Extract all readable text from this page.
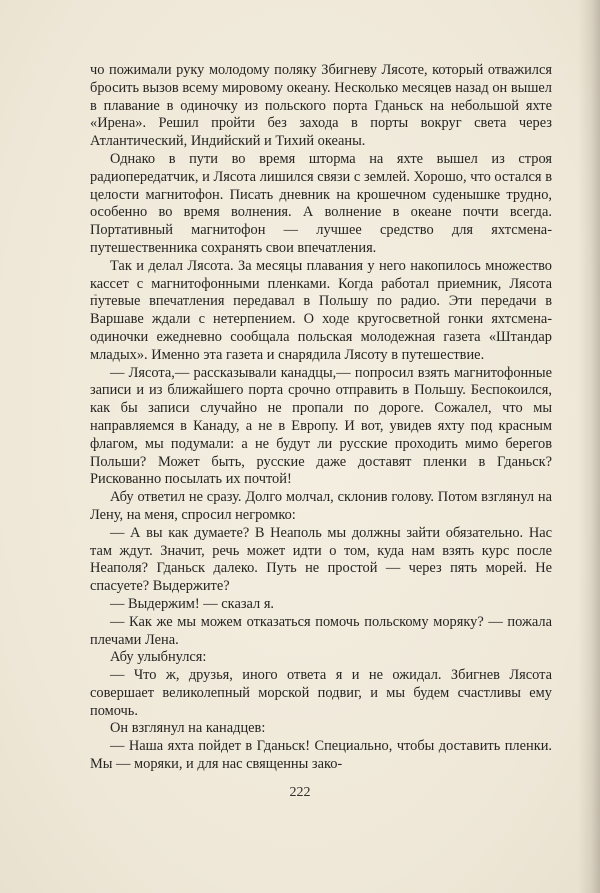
чо пожимали руку молодому поляку Збигневу Лясоте, который отважился бросить вызов всему мировому океану. Несколько месяцев назад он вышел в плавание в одиночку из польского порта Гданьск на небольшой яхте «Ирена». Решил пройти без захода в порты вокруг света через Атлантический, Индийский и Тихий океаны.

Однако в пути во время шторма на яхте вышел из строя радиопередатчик, и Лясота лишился связи с землей. Хорошо, что остался в целости магнитофон. Писать дневник на крошечном суденышке трудно, особенно во время волнения. А волнение в океане почти всегда. Портативный магнитофон — лучшее средство для яхтсмена-путешественника сохранять свои впечатления.

Так и делал Лясота. За месяцы плавания у него накопилось множество кассет с магнитофонными пленками. Когда работал приемник, Лясота путевые впечатления передавал в Польшу по радио. Эти передачи в Варшаве ждали с нетерпением. О ходе кругосветной гонки яхтсмена-одиночки ежедневно сообщала польская молодежная газета «Штандар младых». Именно эта газета и снарядила Лясоту в путешествие.

— Лясота,— рассказывали канадцы,— попросил взять магнитофонные записи и из ближайшего порта срочно отправить в Польшу. Беспокоился, как бы записи случайно не пропали по дороге. Сожалел, что мы направляемся в Канаду, а не в Европу. И вот, увидев яхту под красным флагом, мы подумали: а не будут ли русские проходить мимо берегов Польши? Может быть, русские даже доставят пленки в Гданьск? Рискованно посылать их почтой!

Абу ответил не сразу. Долго молчал, склонив голову. Потом взглянул на Лену, на меня, спросил негромко:

— А вы как думаете? В Неаполь мы должны зайти обязательно. Нас там ждут. Значит, речь может идти о том, куда нам взять курс после Неаполя? Гданьск далеко. Путь не простой — через пять морей. Не спасуете? Выдержите?

— Выдержим! — сказал я.

— Как же мы можем отказаться помочь польскому моряку? — пожала плечами Лена.

Абу улыбнулся:

— Что ж, друзья, иного ответа я и не ожидал. Збигнев Лясота совершает великолепный морской подвиг, и мы будем счастливы ему помочь.

Он взглянул на канадцев:

— Наша яхта пойдет в Гданьск! Специально, чтобы доставить пленки. Мы — моряки, и для нас священны зако-

222
